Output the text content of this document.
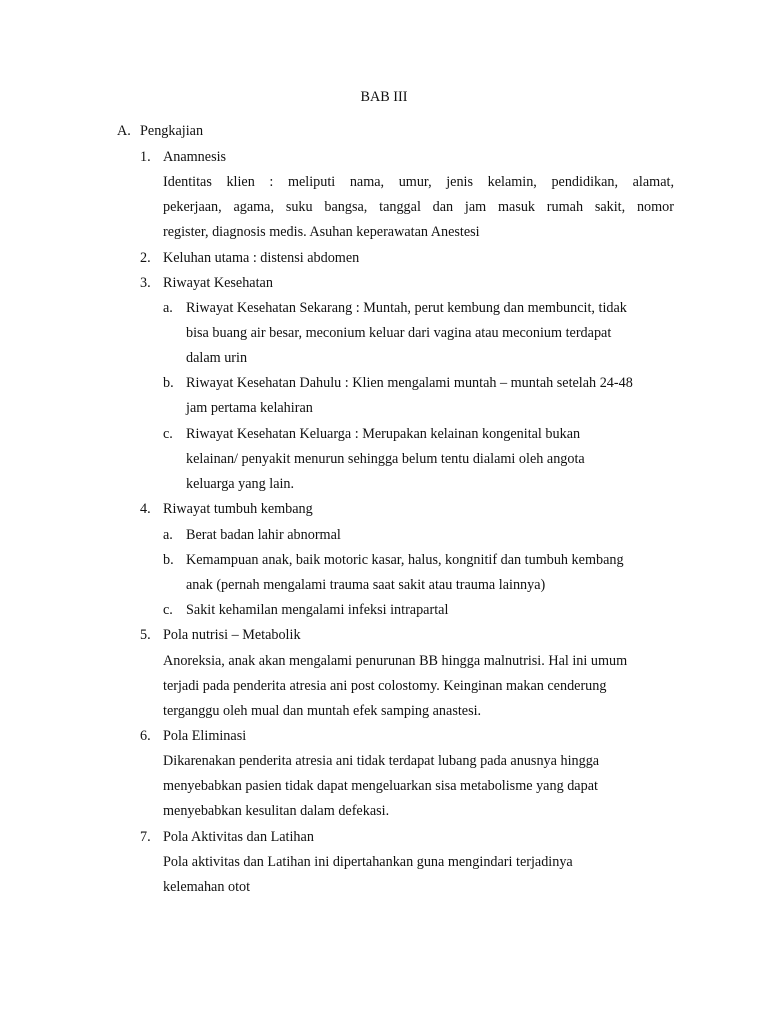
BAB III
A. Pengkajian
1. Anamnesis
Identitas klien : meliputi nama, umur, jenis kelamin, pendidikan, alamat,
pekerjaan, agama, suku bangsa, tanggal dan jam masuk rumah sakit, nomor
register, diagnosis medis. Asuhan keperawatan Anestesi
2. Keluhan utama : distensi abdomen
3. Riwayat Kesehatan
a. Riwayat Kesehatan Sekarang : Muntah, perut kembung dan membuncit, tidak
bisa buang air besar, meconium keluar dari vagina atau meconium terdapat
dalam urin
b. Riwayat Kesehatan Dahulu : Klien mengalami muntah – muntah setelah 24-48
jam pertama kelahiran
c. Riwayat Kesehatan Keluarga : Merupakan kelainan kongenital bukan
kelainan/ penyakit menurun sehingga belum tentu dialami oleh angota
keluarga yang lain.
4. Riwayat tumbuh kembang
a. Berat badan lahir abnormal
b. Kemampuan anak, baik motoric kasar, halus, kongnitif dan tumbuh kembang
anak (pernah mengalami trauma saat sakit atau trauma lainnya)
c. Sakit kehamilan mengalami infeksi intrapartal
5. Pola nutrisi – Metabolik
Anoreksia, anak akan mengalami penurunan BB hingga malnutrisi. Hal ini umum
terjadi pada penderita atresia ani post colostomy. Keinginan makan cenderung
terganggu oleh mual dan muntah efek samping anastesi.
6. Pola Eliminasi
Dikarenakan penderita atresia ani tidak terdapat lubang pada anusnya hingga
menyebabkan pasien tidak dapat mengeluarkan sisa metabolisme yang dapat
menyebabkan kesulitan dalam defekasi.
7. Pola Aktivitas dan Latihan
Pola aktivitas dan Latihan ini dipertahankan guna mengindari terjadinya
kelemahan otot
